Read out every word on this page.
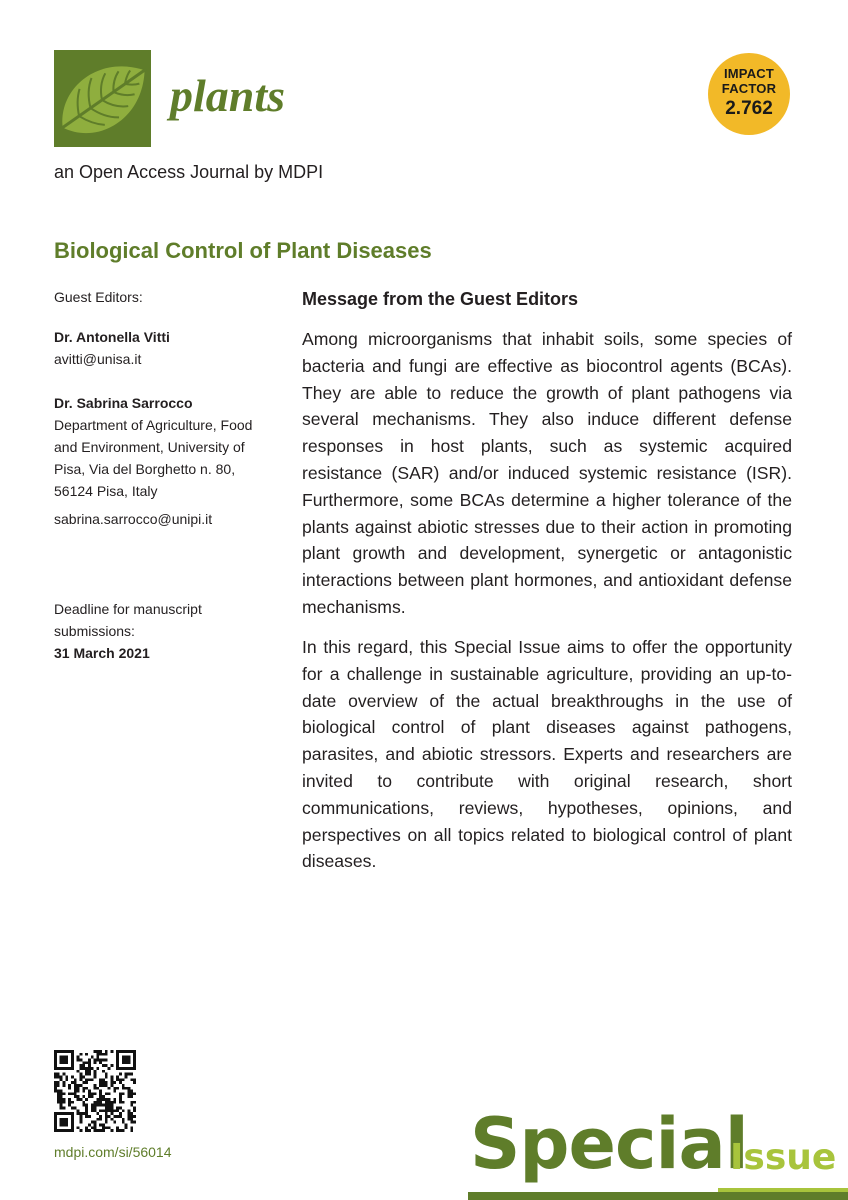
plants
an Open Access Journal by MDPI
IMPACT
FACTOR
2.762
Biological Control of Plant Diseases
Guest Editors:
Dr. Antonella Vitti
avitti@unisa.it
Dr. Sabrina Sarrocco
Department of Agriculture, Food and Environment, University of Pisa, Via del Borghetto n. 80, 56124 Pisa, Italy
sabrina.sarrocco@unipi.it
Deadline for manuscript submissions:
31 March 2021
Message from the Guest Editors
Among microorganisms that inhabit soils, some species of bacteria and fungi are effective as biocontrol agents (BCAs). They are able to reduce the growth of plant pathogens via several mechanisms. They also induce different defense responses in host plants, such as systemic acquired resistance (SAR) and/or induced systemic resistance (ISR). Furthermore, some BCAs determine a higher tolerance of the plants against abiotic stresses due to their action in promoting plant growth and development, synergetic or antagonistic interactions between plant hormones, and antioxidant defense mechanisms.
In this regard, this Special Issue aims to offer the opportunity for a challenge in sustainable agriculture, providing an up-to-date overview of the actual breakthroughs in the use of biological control of plant diseases against pathogens, parasites, and abiotic stressors. Experts and researchers are invited to contribute with original research, short communications, reviews, hypotheses, opinions, and perspectives on all topics related to biological control of plant diseases.
mdpi.com/si/56014	Special
Issue
